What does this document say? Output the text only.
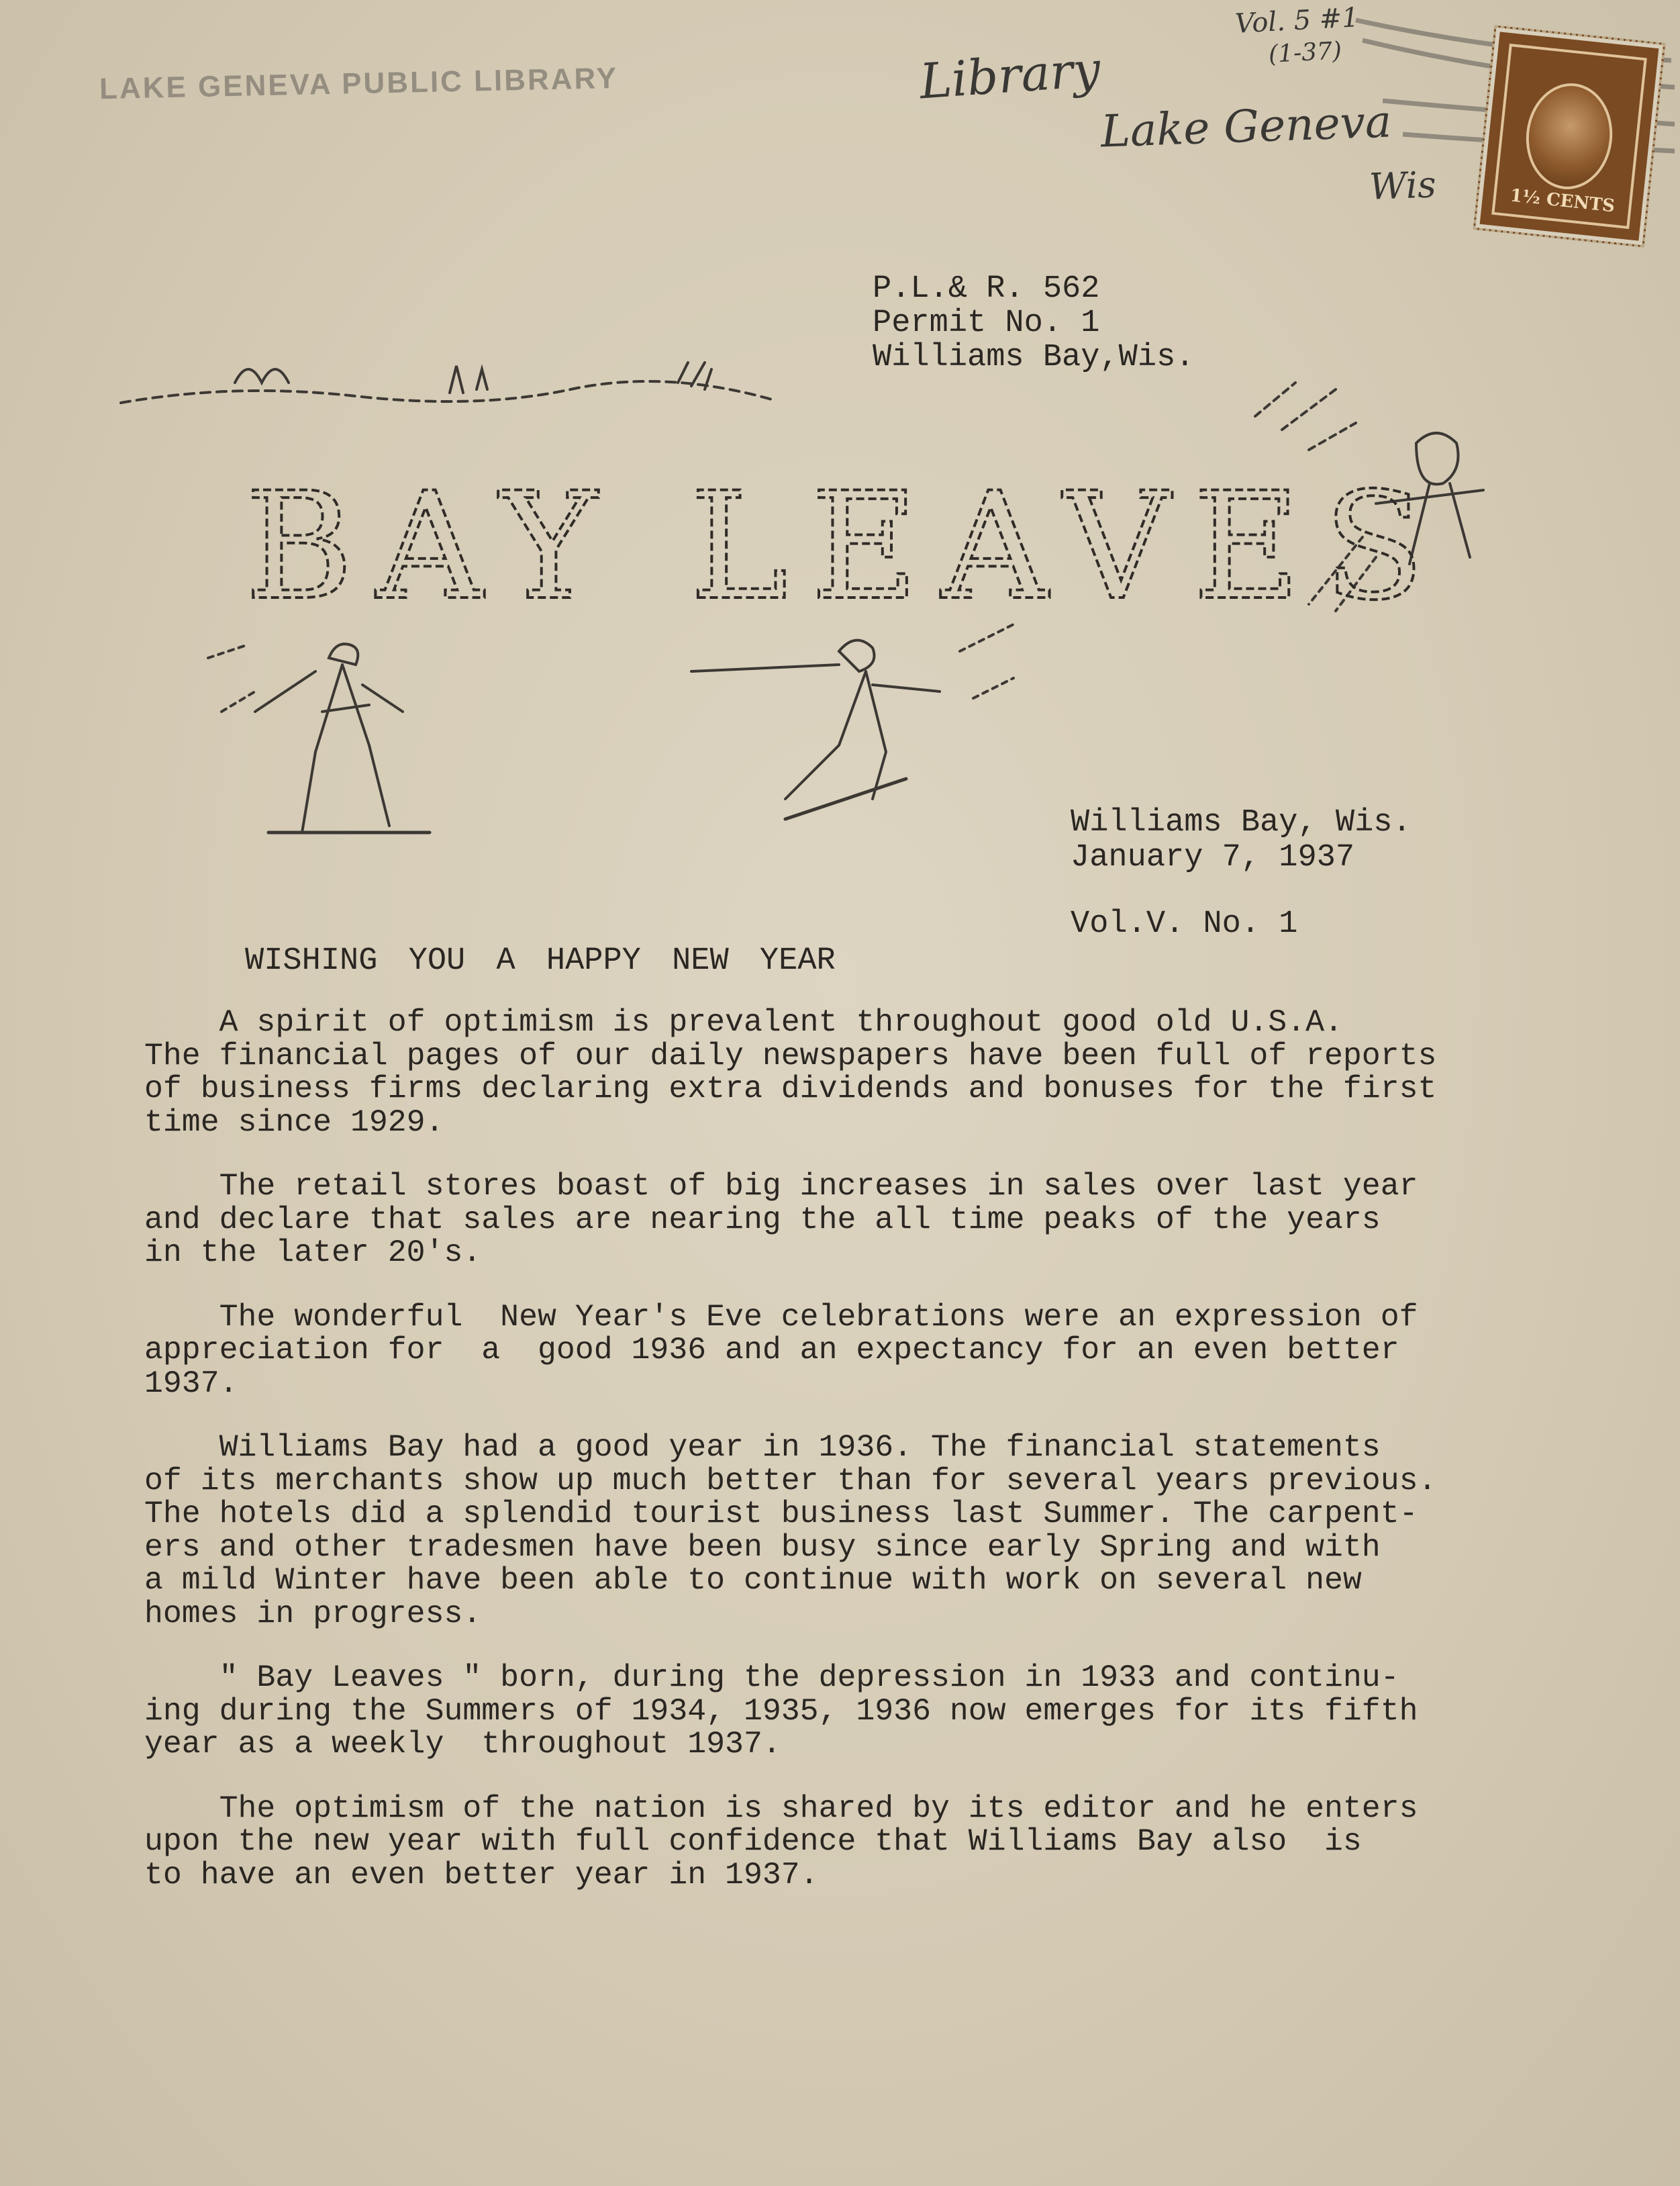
LAKE GENEVA PUBLIC LIBRARY
Vol. 5 #1
(1-37)
Library
Lake Geneva
Wis	1½ CENTS
P.L.& R. 562
Permit No. 1
Williams Bay,Wis.
BAY LEAVES
Williams Bay, Wis.
January 7, 1937
Vol.V. No. 1
WISHING YOU A HAPPY NEW YEAR
A spirit of optimism is prevalent throughout good old U.S.A.
The financial pages of our daily newspapers have been full of reports
of business firms declaring extra dividends and bonuses for the first
time since 1929.
The retail stores boast of big increases in sales over last year
and declare that sales are nearing the all time peaks of the years
in the later 20's.
The wonderful  New Year's Eve celebrations were an expression of
appreciation for  a  good 1936 and an expectancy for an even better
1937.
Williams Bay had a good year in 1936. The financial statements
of its merchants show up much better than for several years previous.
The hotels did a splendid tourist business last Summer. The carpent-
ers and other tradesmen have been busy since early Spring and with
a mild Winter have been able to continue with work on several new
homes in progress.
" Bay Leaves " born, during the depression in 1933 and continu-
ing during the Summers of 1934, 1935, 1936 now emerges for its fifth
year as a weekly  throughout 1937.
The optimism of the nation is shared by its editor and he enters
upon the new year with full confidence that Williams Bay also  is
to have an even better year in 1937.
